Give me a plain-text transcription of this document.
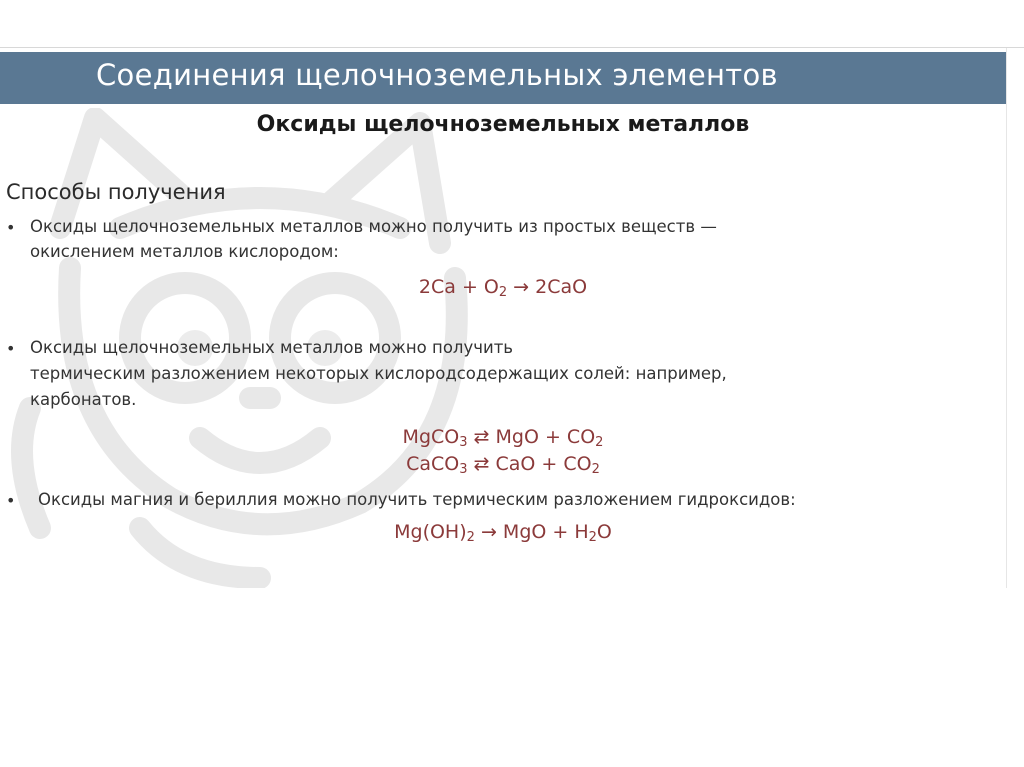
Соединения щелочноземельных элементов
Оксиды щелочноземельных металлов
Способы получения
• Оксиды щелочноземельных металлов можно получить из простых веществ —
окислением металлов кислородом:
$2Ca + O_2 \to 2CaO$
• Оксиды щелочноземельных металлов можно получить
термическим разложением некоторых кислородсодержащих солей: например,
карбонатов.
MgCO$_3$ ⇄ MgO + $CO_2$
CaCO$_3$ ⇄ CaO + $CO_2$
• Оксиды магния и бериллия можно получить термическим разложением гидроксидов:
$Mg(OH)_2$ → MgO + $H_2O$
